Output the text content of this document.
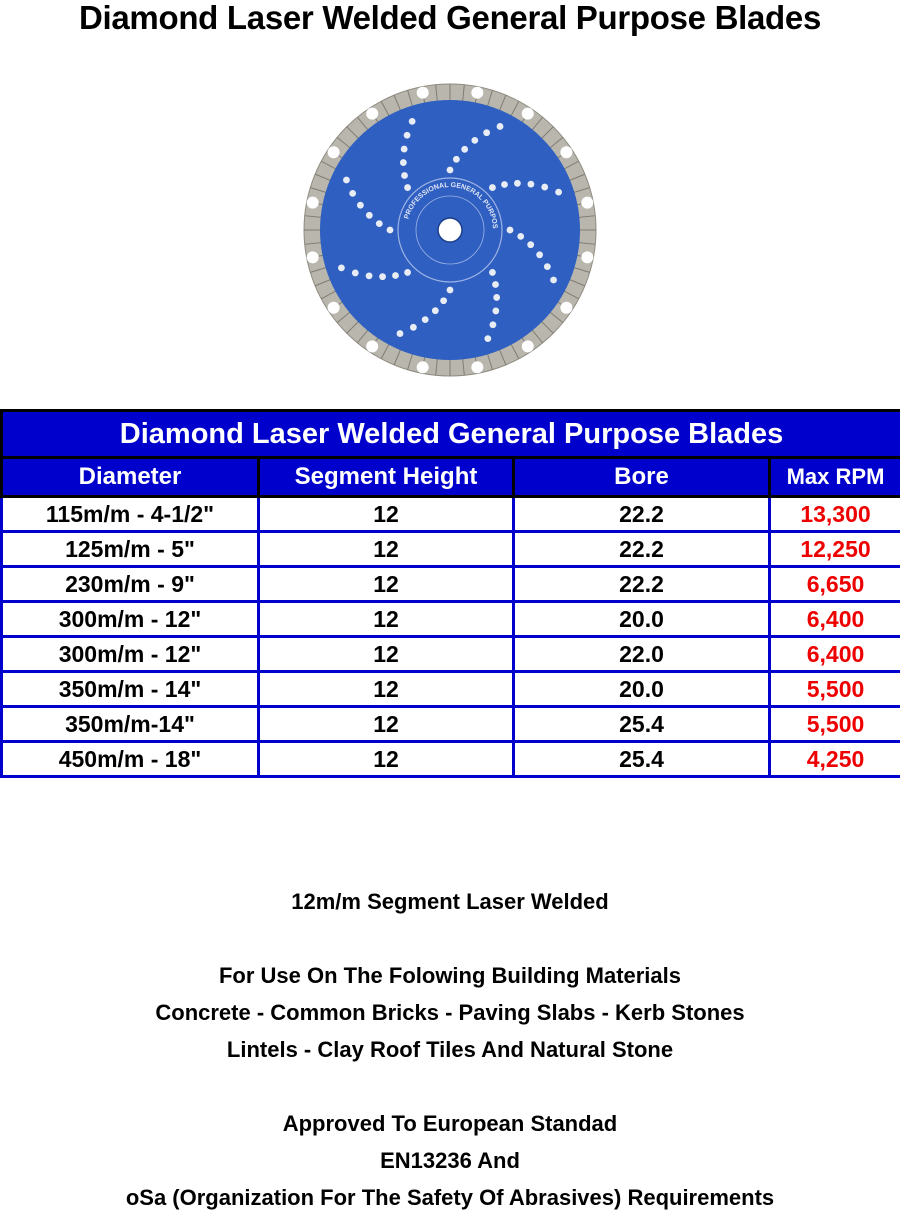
Diamond Laser Welded General Purpose Blades
PROFESSIONAL GENERAL PURPOS
Diamond Laser Welded General Purpose Blades			
Diameter	Segment Height	Bore	Max RPM
115m/m - 4-1/2"	12	22.2	13,300
125m/m - 5"	12	22.2	12,250
230m/m - 9"	12	22.2	6,650
300m/m - 12"	12	20.0	6,400
300m/m - 12"	12	22.0	6,400
350m/m - 14"	12	20.0	5,500
350m/m-14"	12	25.4	5,500
450m/m - 18"	12	25.4	4,250
12m/m Segment Laser Welded
For Use On The Folowing Building Materials
Concrete - Common Bricks - Paving Slabs - Kerb Stones
Lintels - Clay Roof Tiles And Natural Stone
Approved To European Standad
EN13236 And
oSa (Organization For The Safety Of Abrasives) Requirements
